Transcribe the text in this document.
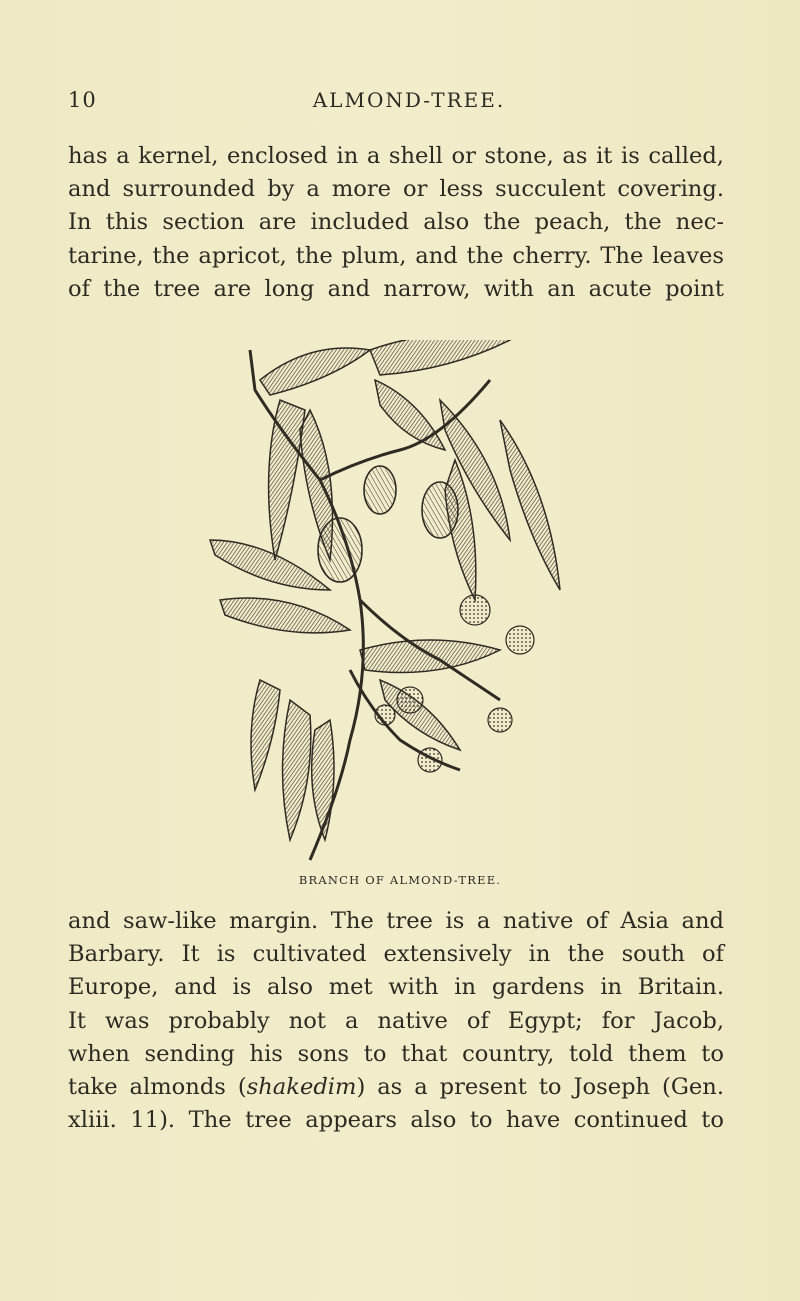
10	ALMOND-TREE.
has a kernel, enclosed in a shell or stone, as it is called,
and surrounded by a more or less succulent covering.
In this section are included also the peach, the nec-
tarine, the apricot, the plum, and the cherry. The leaves
of the tree are long and narrow, with an acute point
BRANCH OF ALMOND-TREE.
and saw-like margin. The tree is a native of Asia and
Barbary. It is cultivated extensively in the south of
Europe, and is also met with in gardens in Britain.
It was probably not a native of Egypt; for Jacob,
when sending his sons to that country, told them to
take almonds (shakedim) as a present to Joseph (Gen.
xliii. 11). The tree appears also to have continued to
